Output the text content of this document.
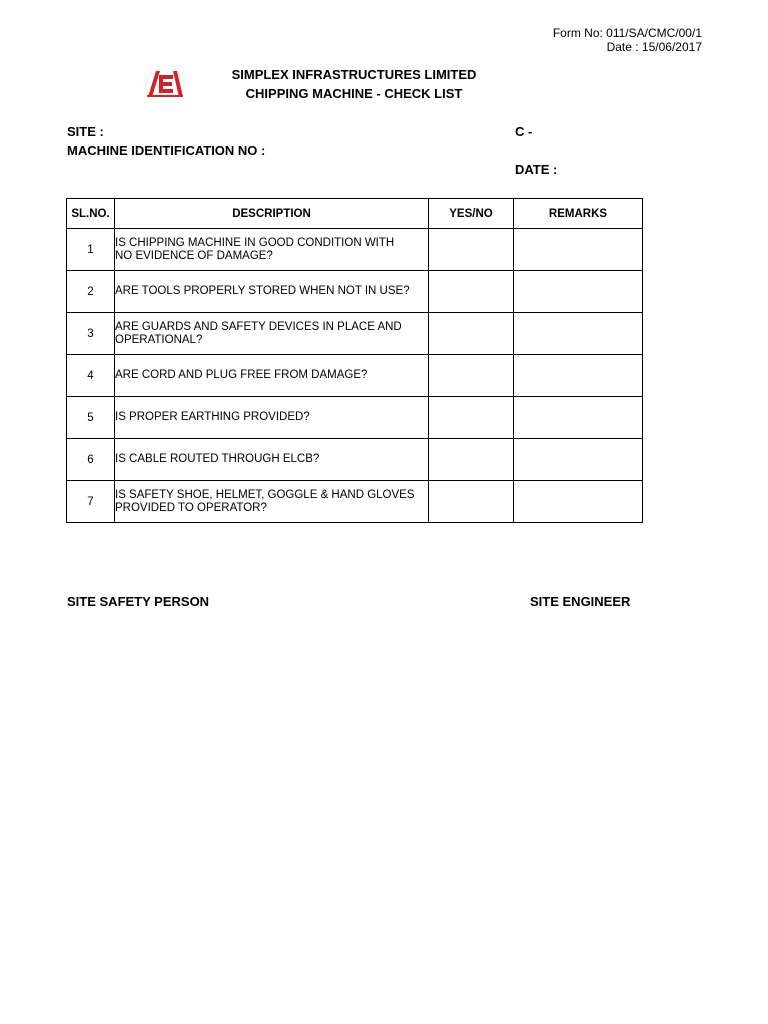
Form No: 011/SA/CMC/00/1
Date : 15/06/2017
SIMPLEX INFRASTRUCTURES LIMITED
CHIPPING MACHINE - CHECK LIST
SITE :	C -
MACHINE IDENTIFICATION NO :
DATE :
SL.NO.	DESCRIPTION	YES/NO	REMARKS
1	IS CHIPPING MACHINE IN GOOD CONDITION WITH
NO EVIDENCE OF DAMAGE?		

2	ARE TOOLS PROPERLY STORED WHEN NOT IN USE?		

3	ARE GUARDS AND SAFETY DEVICES IN PLACE AND
OPERATIONAL?		

4	ARE CORD AND PLUG FREE FROM DAMAGE?		

5	IS PROPER EARTHING PROVIDED?		

6	IS CABLE ROUTED THROUGH ELCB?		

7	IS SAFETY SHOE, HELMET, GOGGLE & HAND GLOVES
PROVIDED TO OPERATOR?		

SITE SAFETY PERSON	SITE ENGINEER
